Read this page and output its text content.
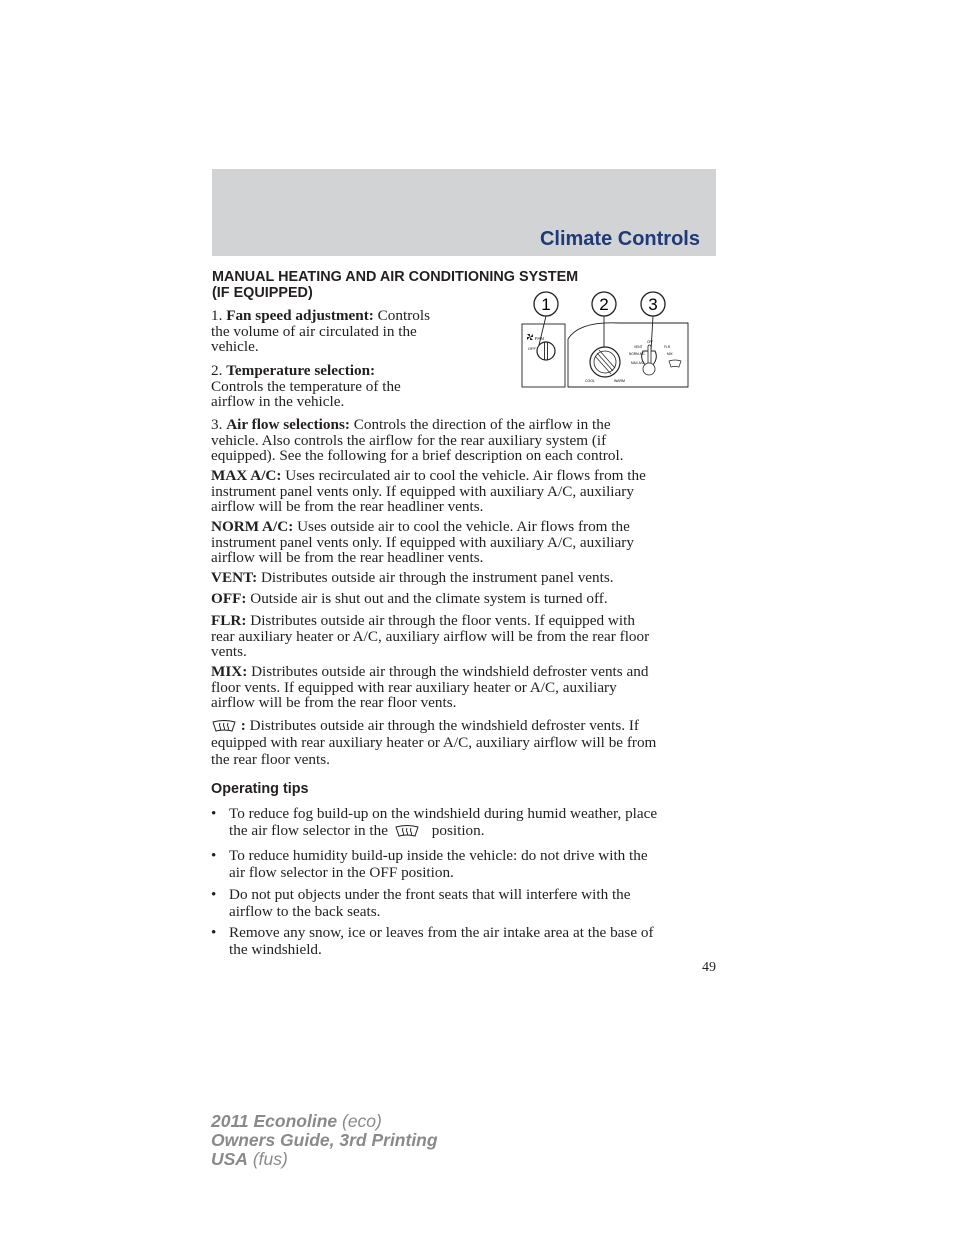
Climate Controls
MANUAL HEATING AND AIR CONDITIONING SYSTEM
(IF EQUIPPED)
1	2 3
FAN
OFF
COOL	WARM
VENT
NORM A/C
MAX A/C
OFF
FLR
MIX
1. Fan speed adjustment: Controls
the volume of air circulated in the
vehicle.
2. Temperature selection:
Controls the temperature of the
airflow in the vehicle.
3. Air flow selections: Controls the direction of the airflow in the
vehicle. Also controls the airflow for the rear auxiliary system (if
equipped). See the following for a brief description on each control.
MAX A/C: Uses recirculated air to cool the vehicle. Air flows from the
instrument panel vents only. If equipped with auxiliary A/C, auxiliary
airflow will be from the rear headliner vents.
NORM A/C: Uses outside air to cool the vehicle. Air flows from the
instrument panel vents only. If equipped with auxiliary A/C, auxiliary
airflow will be from the rear headliner vents.
VENT: Distributes outside air through the instrument panel vents.
OFF: Outside air is shut out and the climate system is turned off.
FLR: Distributes outside air through the floor vents. If equipped with
rear auxiliary heater or A/C, auxiliary airflow will be from the rear floor
vents.
MIX: Distributes outside air through the windshield defroster vents and
floor vents. If equipped with rear auxiliary heater or A/C, auxiliary
airflow will be from the rear floor vents.
: Distributes outside air through the windshield defroster vents. If
equipped with rear auxiliary heater or A/C, auxiliary airflow will be from
the rear floor vents.
Operating tips
• To reduce fog build-up on the windshield during humid weather, place
the air flow selector in the	position.
• To reduce humidity build-up inside the vehicle: do not drive with the
air flow selector in the OFF position.
• Do not put objects under the front seats that will interfere with the
airflow to the back seats.
• Remove any snow, ice or leaves from the air intake area at the base of
the windshield.
49
2011 Econoline (eco)
Owners Guide, 3rd Printing
USA (fus)
